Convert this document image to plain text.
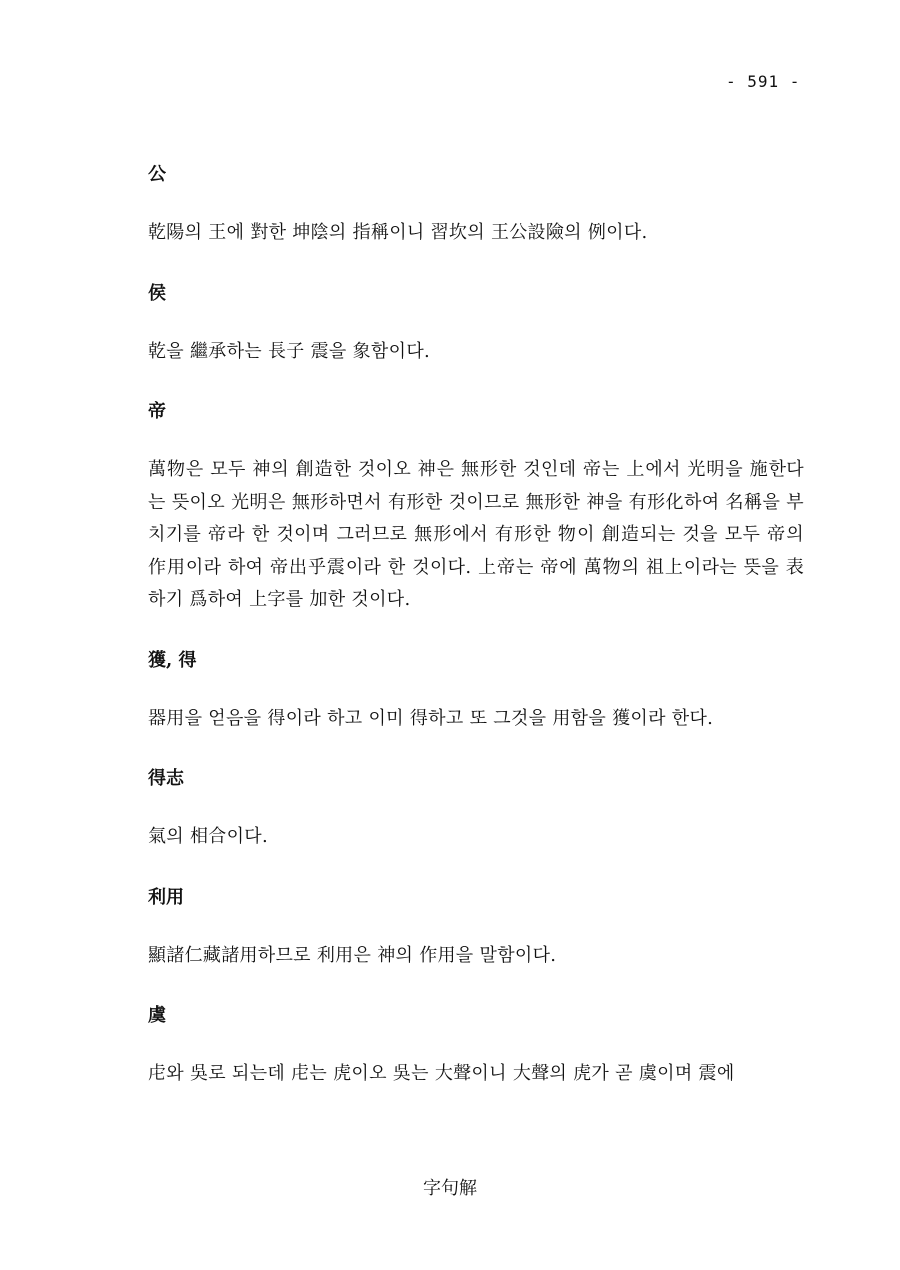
- 591 -

公

乾陽의 王에 對한 坤陰의 指稱이니 習坎의 王公設險의 例이다.

侯

乾을 繼承하는 長子 震을 象함이다.

帝

萬物은 모두 神의 創造한 것이오 神은 無形한 것인데 帝는 上에서 光明을 施한다는 뜻이오 光明은 無形하면서 有形한 것이므로 無形한 神을 有形化하여 名稱을 부치기를 帝라 한 것이며 그러므로 無形에서 有形한 物이 創造되는 것을 모두 帝의 作用이라 하여 帝出乎震이라 한 것이다. 上帝는 帝에 萬物의 祖上이라는 뜻을 表하기 爲하여 上字를 加한 것이다.

獲, 得

器用을 얻음을 得이라 하고 이미 得하고 또 그것을 用함을 獲이라 한다.

得志

氣의 相合이다.

利用

顯諸仁藏諸用하므로 利用은 神의 作用을 말함이다.

虞

虍와 吳로 되는데 虍는 虎이오 吳는 大聲이니 大聲의 虎가 곧 虞이며 震에

字句解
